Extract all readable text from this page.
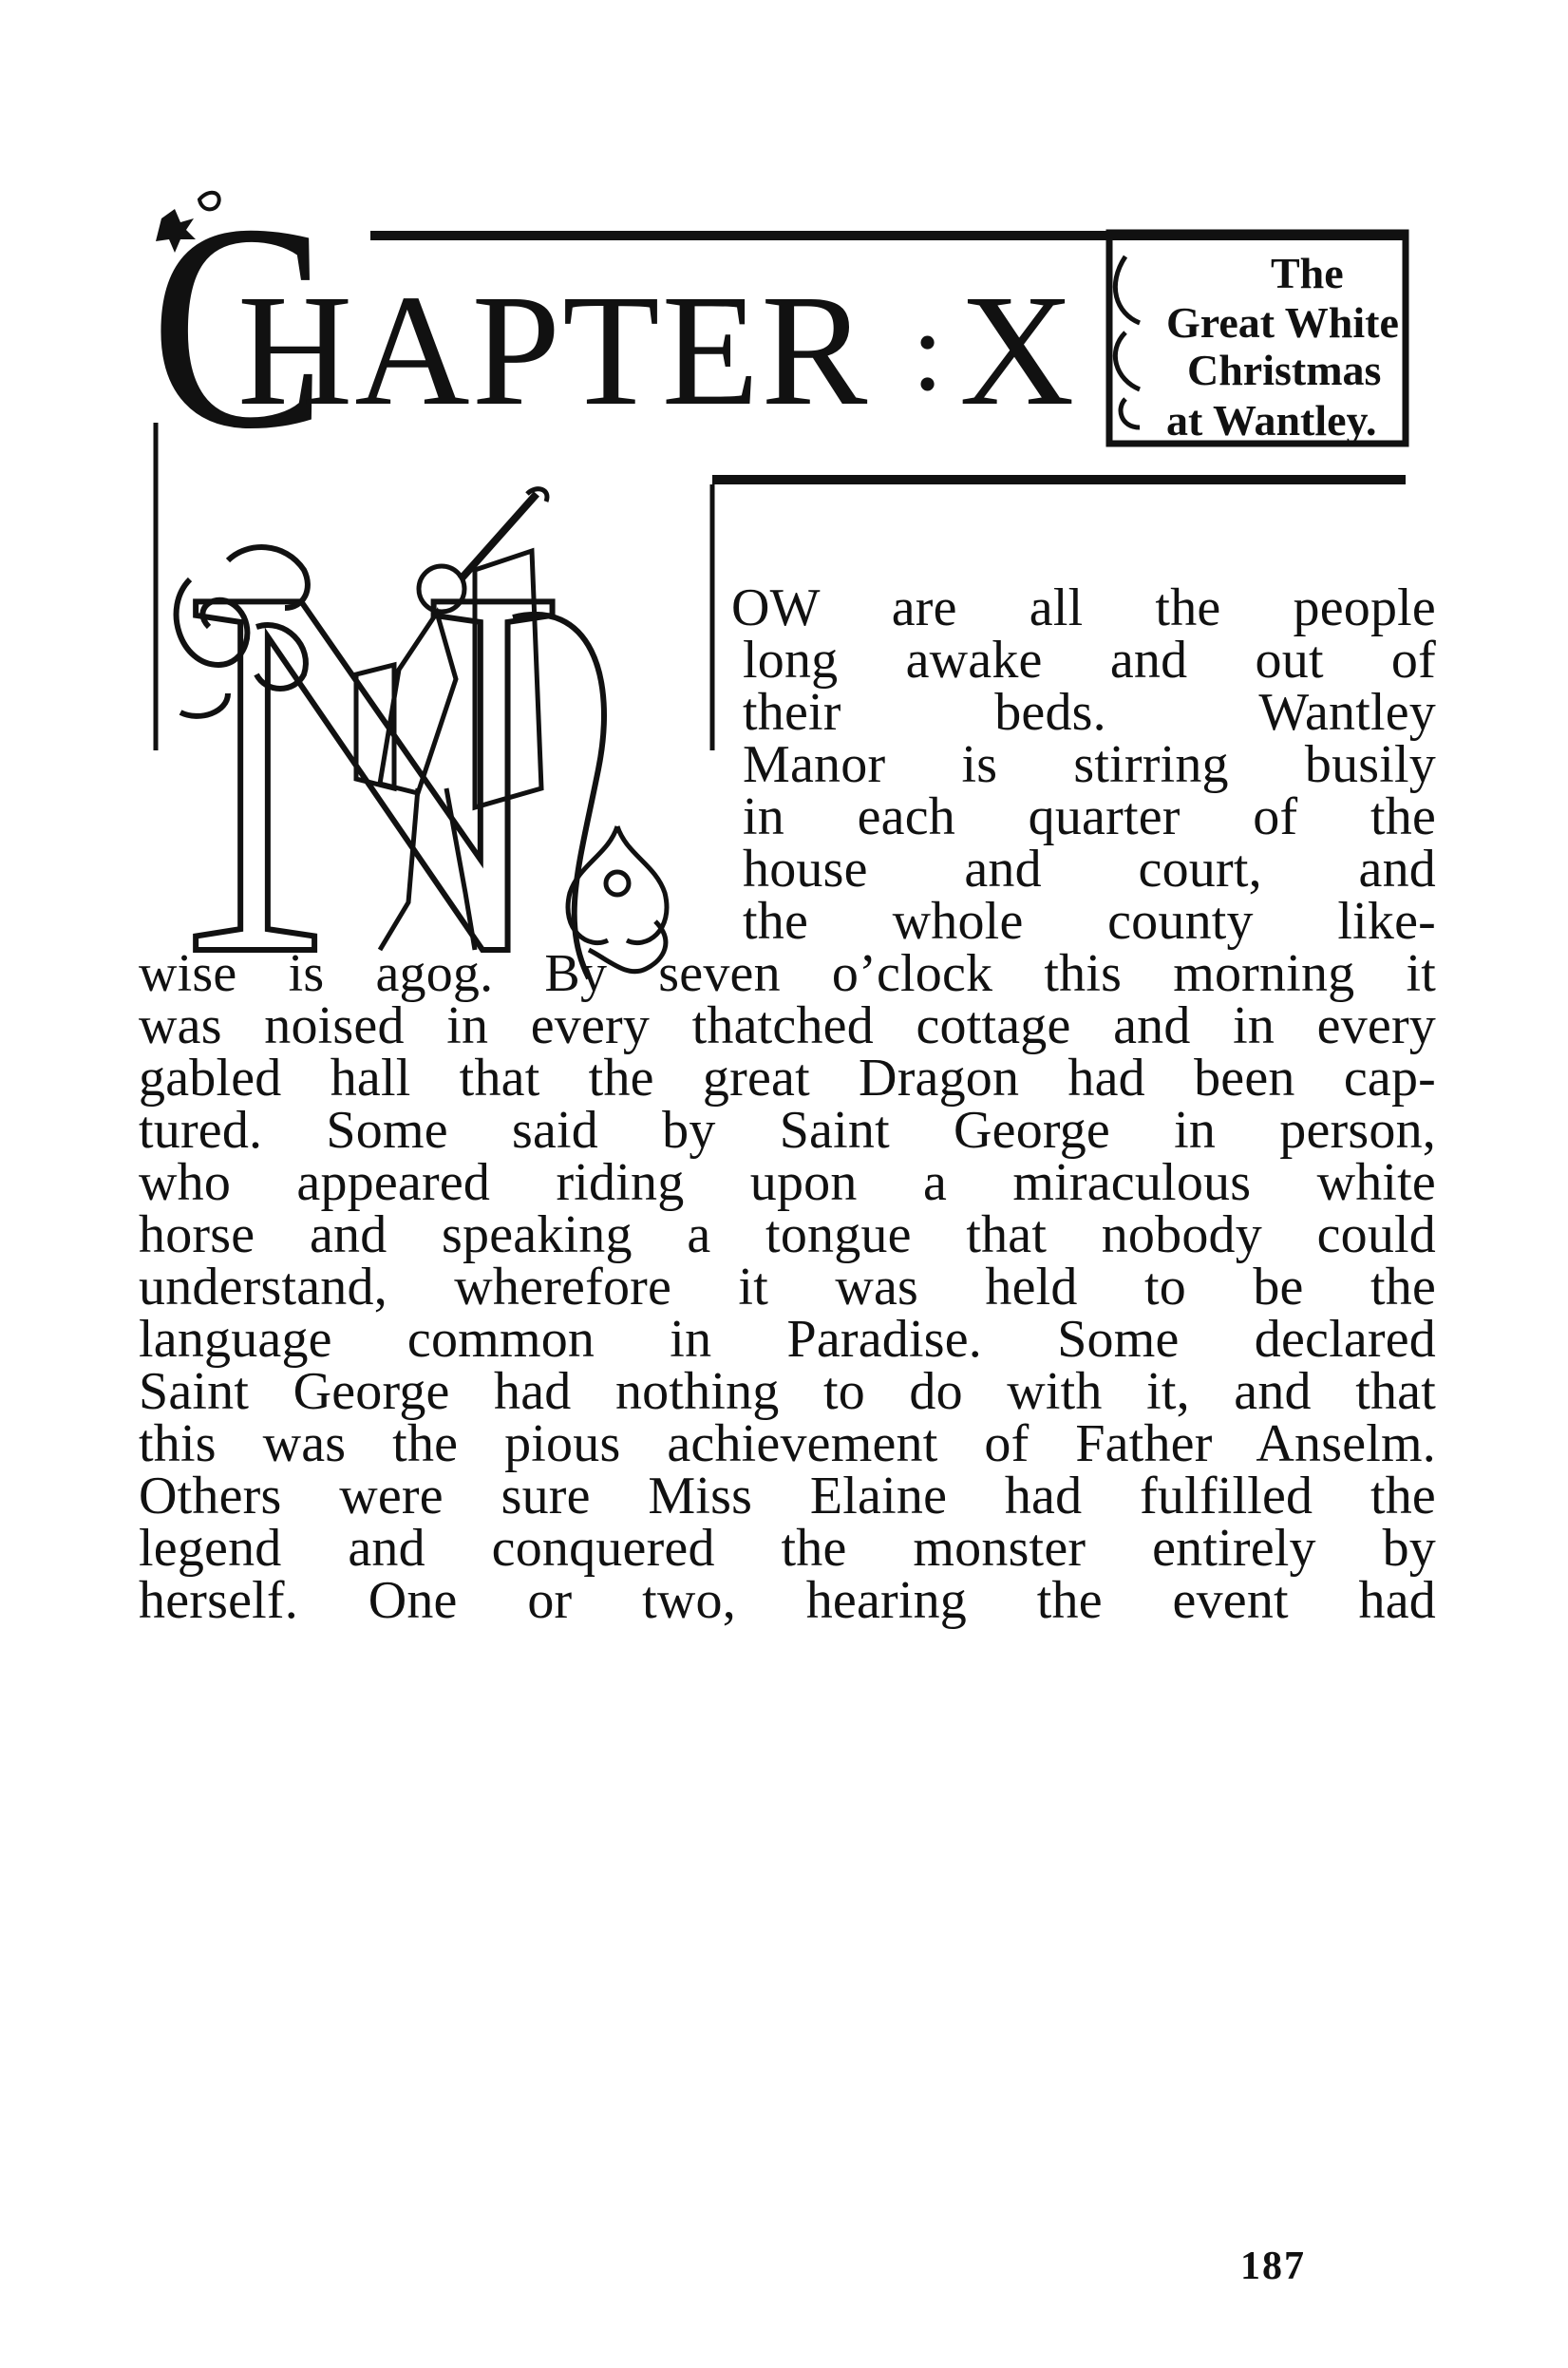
C
HAPTER : X	The
Great White
Christmas
at Wantley.
N	OW are all the people
long awake and out of
their beds. Wantley
Manor is stirring busily
in each quarter of the
house and court, and
the whole county like-
wise is agog. By seven o’clock this morning it
was noised in every thatched cottage and in every
gabled hall that the great Dragon had been cap-
tured. Some said by Saint George in person,
who appeared riding upon a miraculous white
horse and speaking a tongue that nobody could
understand, wherefore it was held to be the
language common in Paradise. Some declared
Saint George had nothing to do with it, and that
this was the pious achievement of Father Anselm.
Others were sure Miss Elaine had fulfilled the
legend and conquered the monster entirely by
herself. One or two, hearing the event had
187
